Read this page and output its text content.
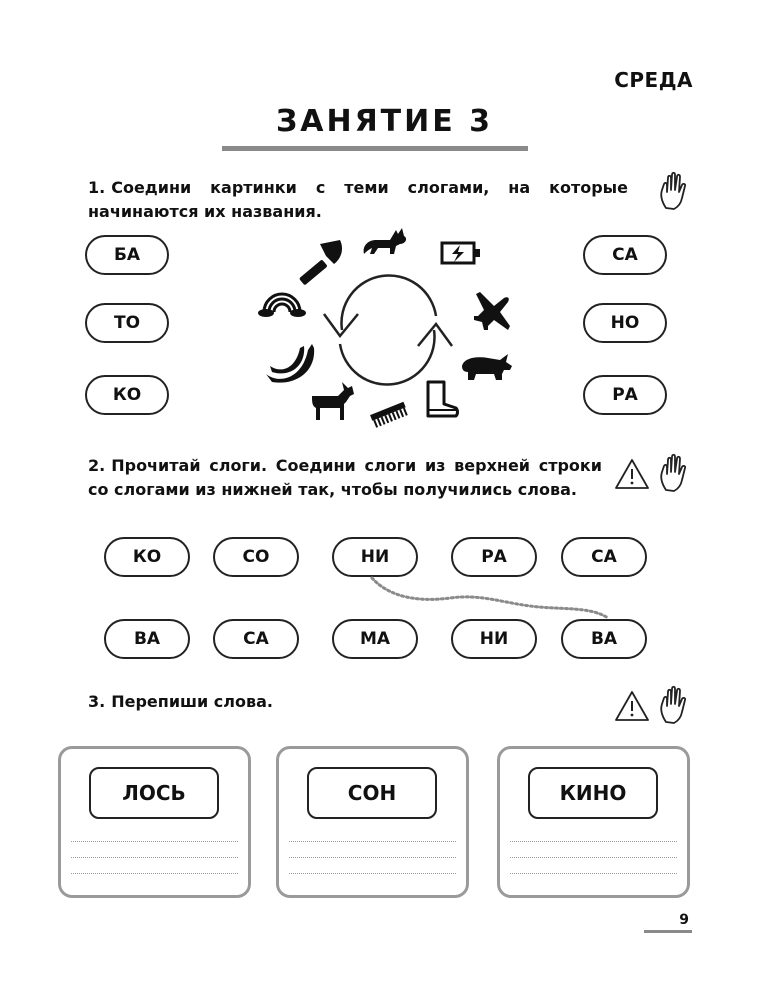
СРЕДА
ЗАНЯТИЕ 3
1. Соедини картинки с теми слогами, на которые начинаются их названия.
БА
ТО
КО
СА
НО
РА
2. Прочитай слоги. Соедини слоги из верхней строки со слогами из нижней так, чтобы получились слова.
КО	СО	НИ	РА	СА
ВА	СА	МА	НИ	ВА
3. Перепиши слова.
ЛОСЬ	СОН	КИНО
9
